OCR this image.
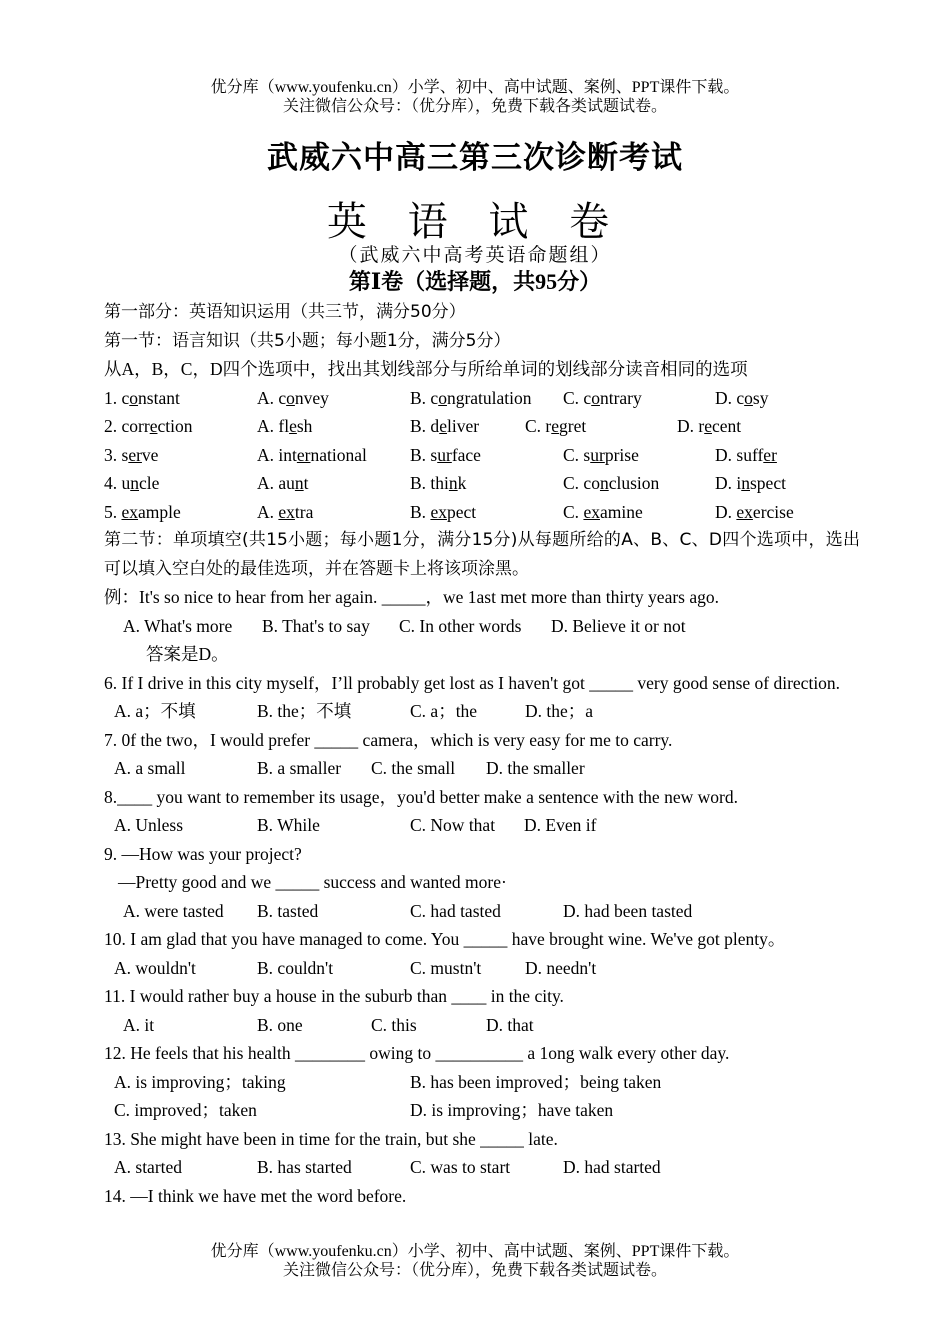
优分库（www.youfenku.cn）小学、初中、高中试题、案例、PPT课件下载。
关注微信公众号：（优分库），免费下载各类试题试卷。
武威六中高三第三次诊断考试
英 语 试 卷
（武威六中高考英语命题组）
第Ⅰ卷（选择题，共95分）
第一部分：英语知识运用（共三节，满分50分）
第一节：语言知识（共5小题；每小题1分，满分5分）
从A，B，C，D四个选项中，找出其划线部分与所给单词的划线部分读音相同的选项
1. constant	A. convey	B. congratulation C. contrary	D. cosy
2. correction	A. flesh	B. deliver	C. regret	D. recent
3. serve	A. international B. surface	C. surprise	D. suffer
4. uncle	A. aunt	B. think	C. conclusion	D. inspect
5. example	A. extra	B. expect	C. examine	D. exercise
第二节：单项填空(共15小题；每小题1分，满分15分)从每题所给的A、B、C、D四个选项中，选出可以填入空白处的最佳选项，并在答题卡上将该项涂黑。
例：It's so nice to hear from her again. _____，we 1ast met more than thirty years ago.
A. What's more B. That's to say C. In other words D. Believe it or not
答案是D。
6. If I drive in this city myself，I’ll probably get lost as I haven't got _____ very good sense of direction.
A. a；不填	B. the；不填	C. a；the	D. the；a
7. 0f the two，I would prefer _____ camera，which is very easy for me to carry.
A. a small	B. a smaller C. the small D. the smaller
8.____ you want to remember its usage，you'd better make a sentence with the new word.
A. Unless	B. While	C. Now that D. Even if
9. —How was your project?
—Pretty good and we _____ success and wanted more·
A. were tasted B. tasted	C. had tasted	D. had been tasted
10. I am glad that you have managed to come. You _____ have brought wine. We've got plenty。
A. wouldn't	B. couldn't	C. mustn't	D. needn't
11. I would rather buy a house in the suburb than ____ in the city.
A. it	B. one	C. this	D. that
12. He feels that his health ________ owing to __________ a 1ong walk every other day.
A. is improving；taking	B. has been improved；being taken
C. improved；taken	D. is improving；have taken
13. She might have been in time for the train, but she _____ late.
A. started	B. has started	C. was to start	D. had started
14. —I think we have met the word before.
优分库（www.youfenku.cn）小学、初中、高中试题、案例、PPT课件下载。
关注微信公众号：（优分库），免费下载各类试题试卷。
